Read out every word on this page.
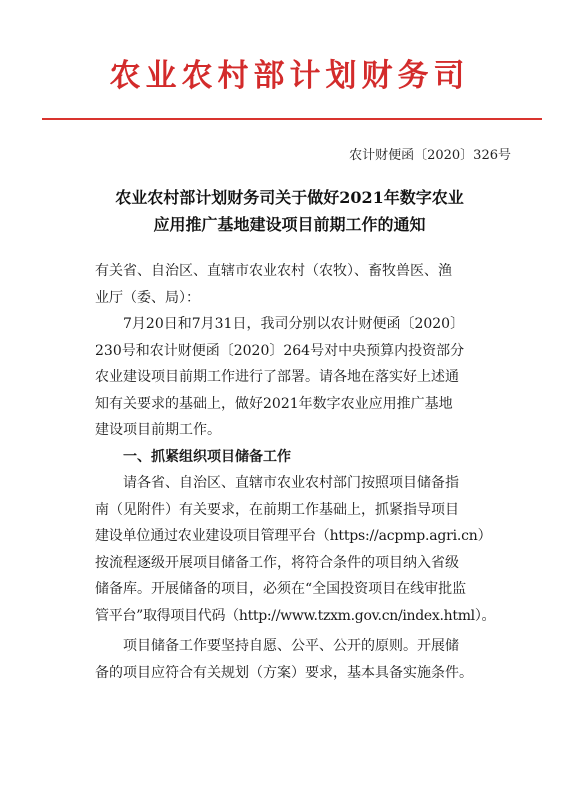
农业农村部计划财务司
农计财便函〔2020〕326号
农业农村部计划财务司关于做好2021年数字农业
应用推广基地建设项目前期工作的通知

有关省、自治区、直辖市农业农村（农牧）、畜牧兽医、渔
业厅（委、局）：

7月20日和7月31日，我司分别以农计财便函〔2020〕
230号和农计财便函〔2020〕264号对中央预算内投资部分
农业建设项目前期工作进行了部署。请各地在落实好上述通
知有关要求的基础上，做好2021年数字农业应用推广基地
建设项目前期工作。

一、抓紧组织项目储备工作

请各省、自治区、直辖市农业农村部门按照项目储备指
南（见附件）有关要求，在前期工作基础上，抓紧指导项目
建设单位通过农业建设项目管理平台（https://acpmp.agri.cn）
按流程逐级开展项目储备工作，将符合条件的项目纳入省级
储备库。开展储备的项目，必须在“全国投资项目在线审批监
管平台”取得项目代码（http://www.tzxm.gov.cn/index.html）。

项目储备工作要坚持自愿、公平、公开的原则。开展储
备的项目应符合有关规划（方案）要求，基本具备实施条件。
